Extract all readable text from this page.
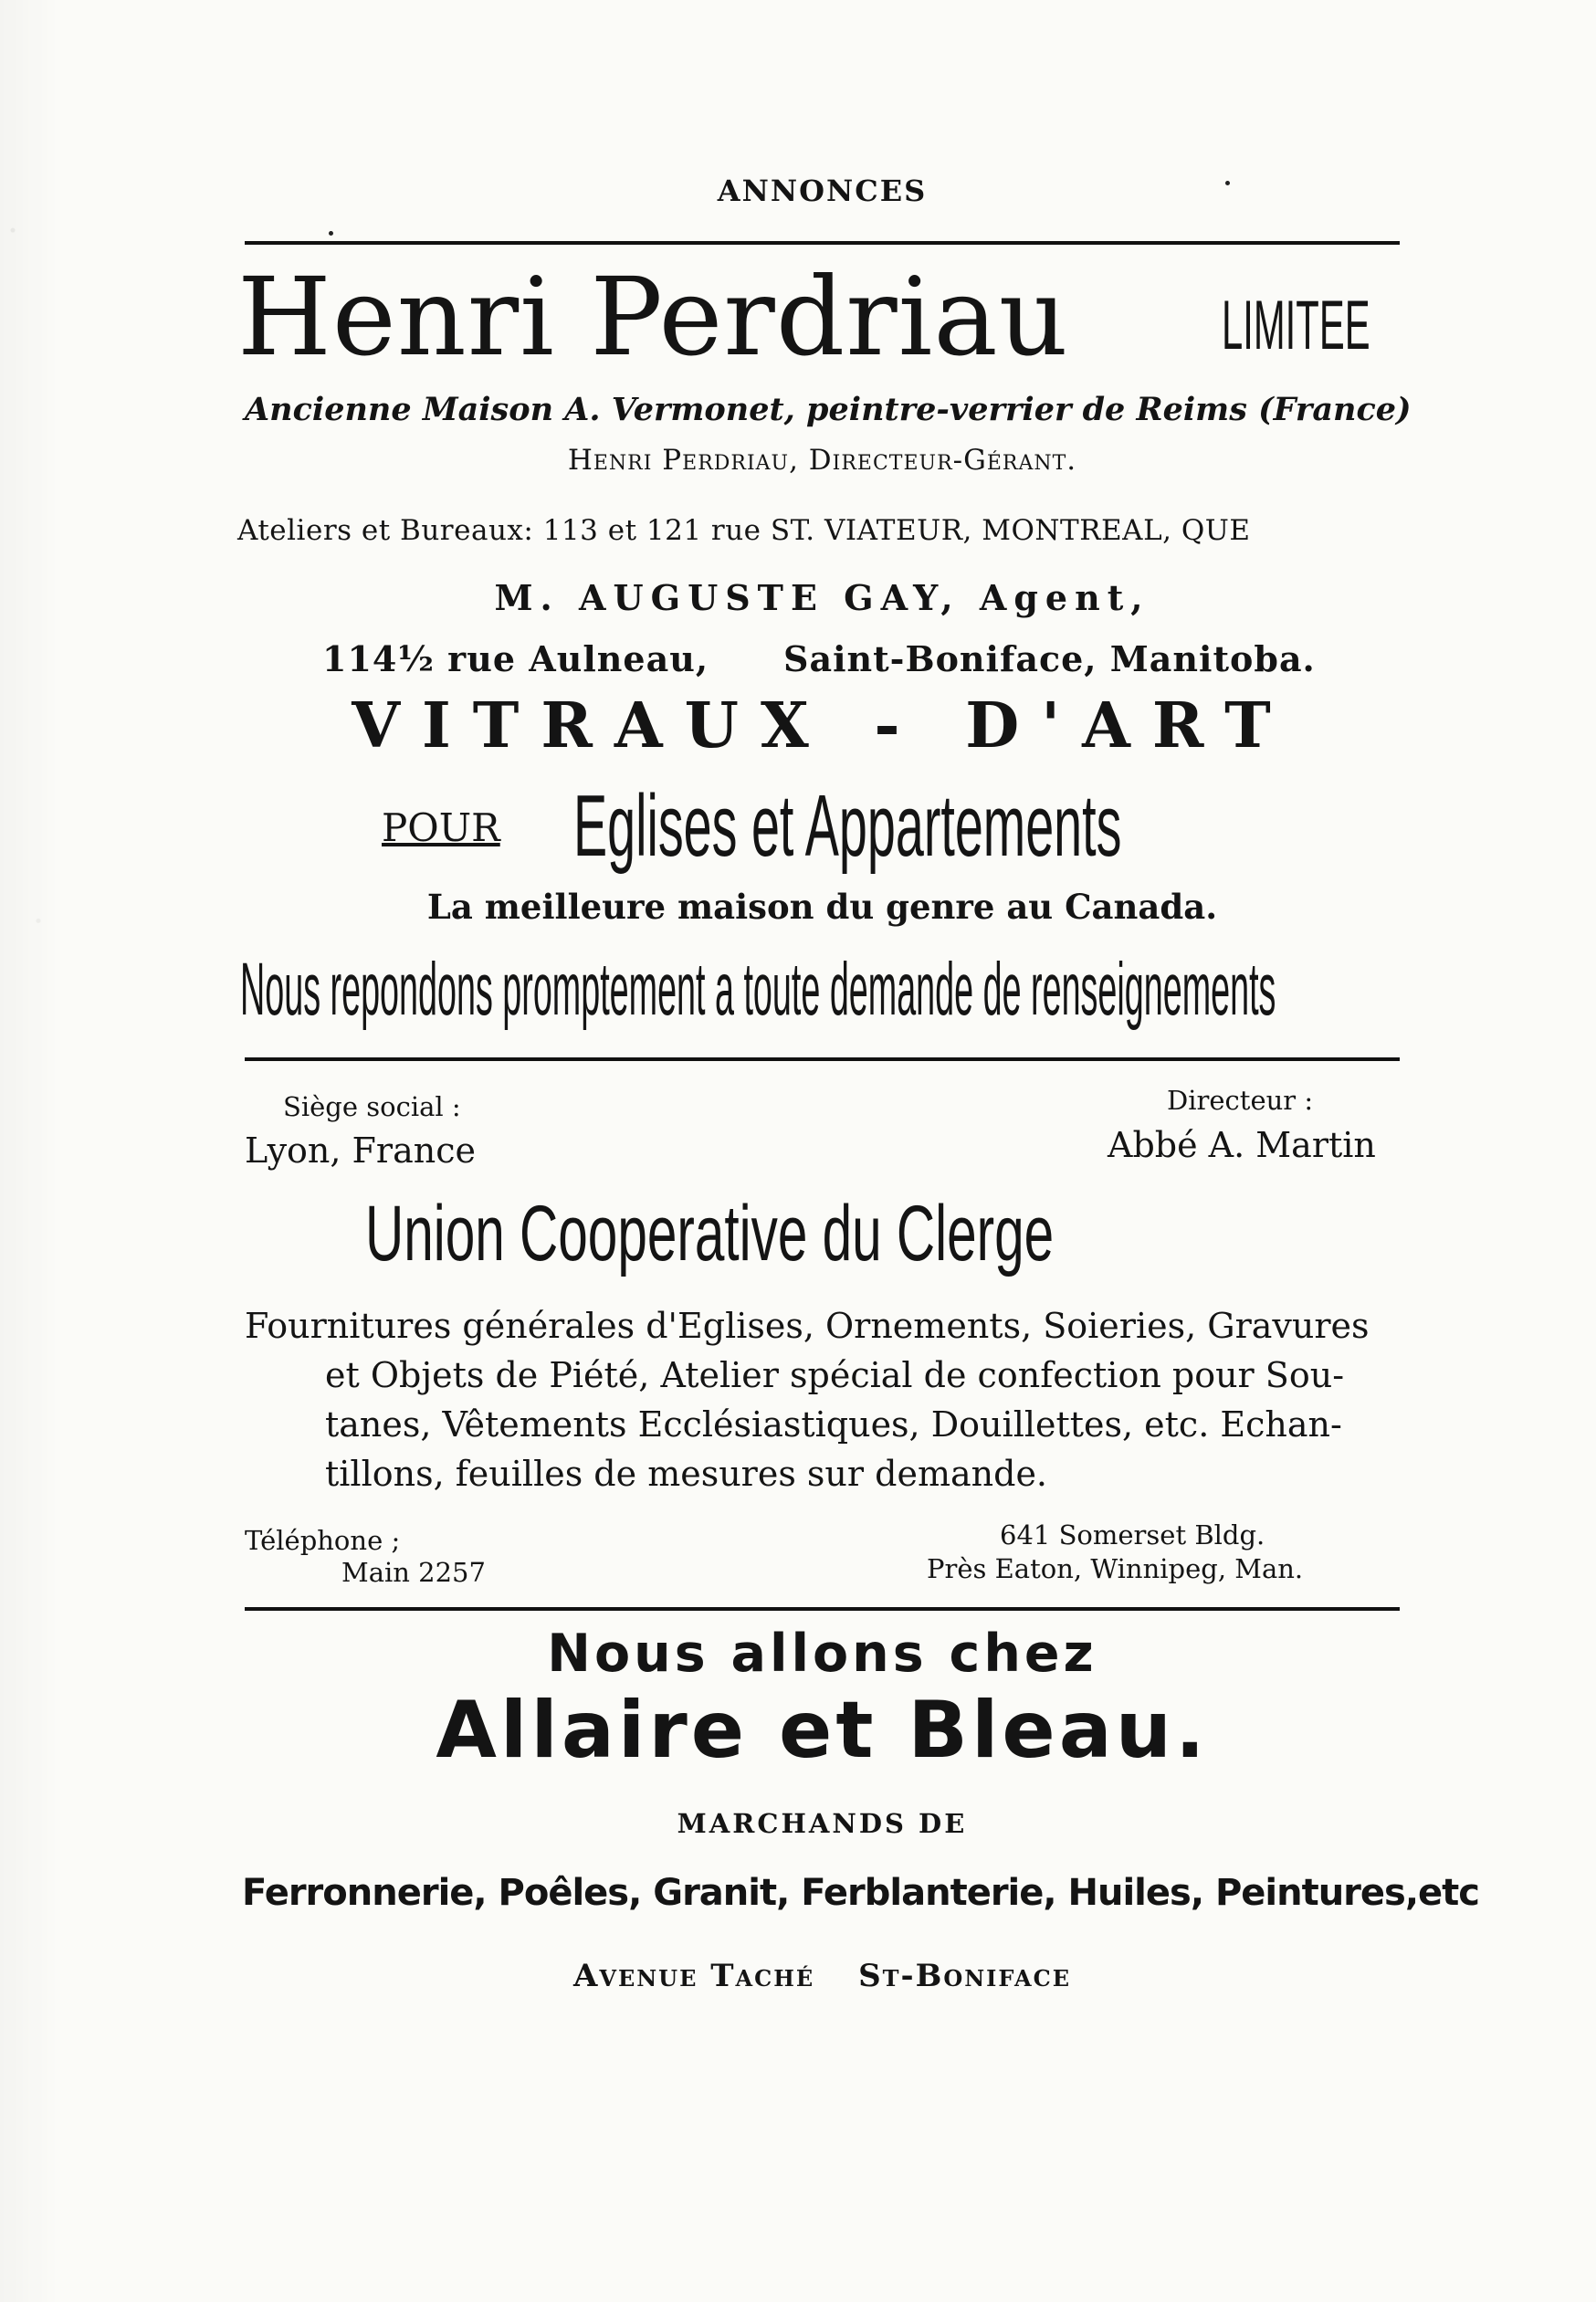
ANNONCES
Henri Perdriau LIMITEE
Ancienne Maison A. Vermonet, peintre-verrier de Reims (France)
Henri Perdriau, Directeur-Gérant.
Ateliers et Bureaux: 113 et 121 rue ST. VIATEUR, MONTREAL, QUE
M. AUGUSTE GAY, Agent,
114½ rue Aulneau, Saint-Boniface, Manitoba.
VITRAUX - D'ART
POUR Eglises et Appartements
La meilleure maison du genre au Canada.
Nous repondons promptement a toute demande de renseignements
Siège social :
Lyon, France
Directeur :
Abbé A. Martin
Union Cooperative du Clerge
Fournitures générales d'Eglises, Ornements, Soieries, Gravures
et Objets de Piété, Atelier spécial de confection pour Sou-
tanes, Vêtements Ecclésiastiques, Douillettes, etc. Echan-
tillons, feuilles de mesures sur demande.
Téléphone ;
Main 2257
641 Somerset Bldg.
Près Eaton, Winnipeg, Man.
Nous allons chez
Allaire et Bleau.
MARCHANDS DE
Ferronnerie, Poêles, Granit, Ferblanterie, Huiles, Peintures,etc
Avenue Taché St-Boniface
